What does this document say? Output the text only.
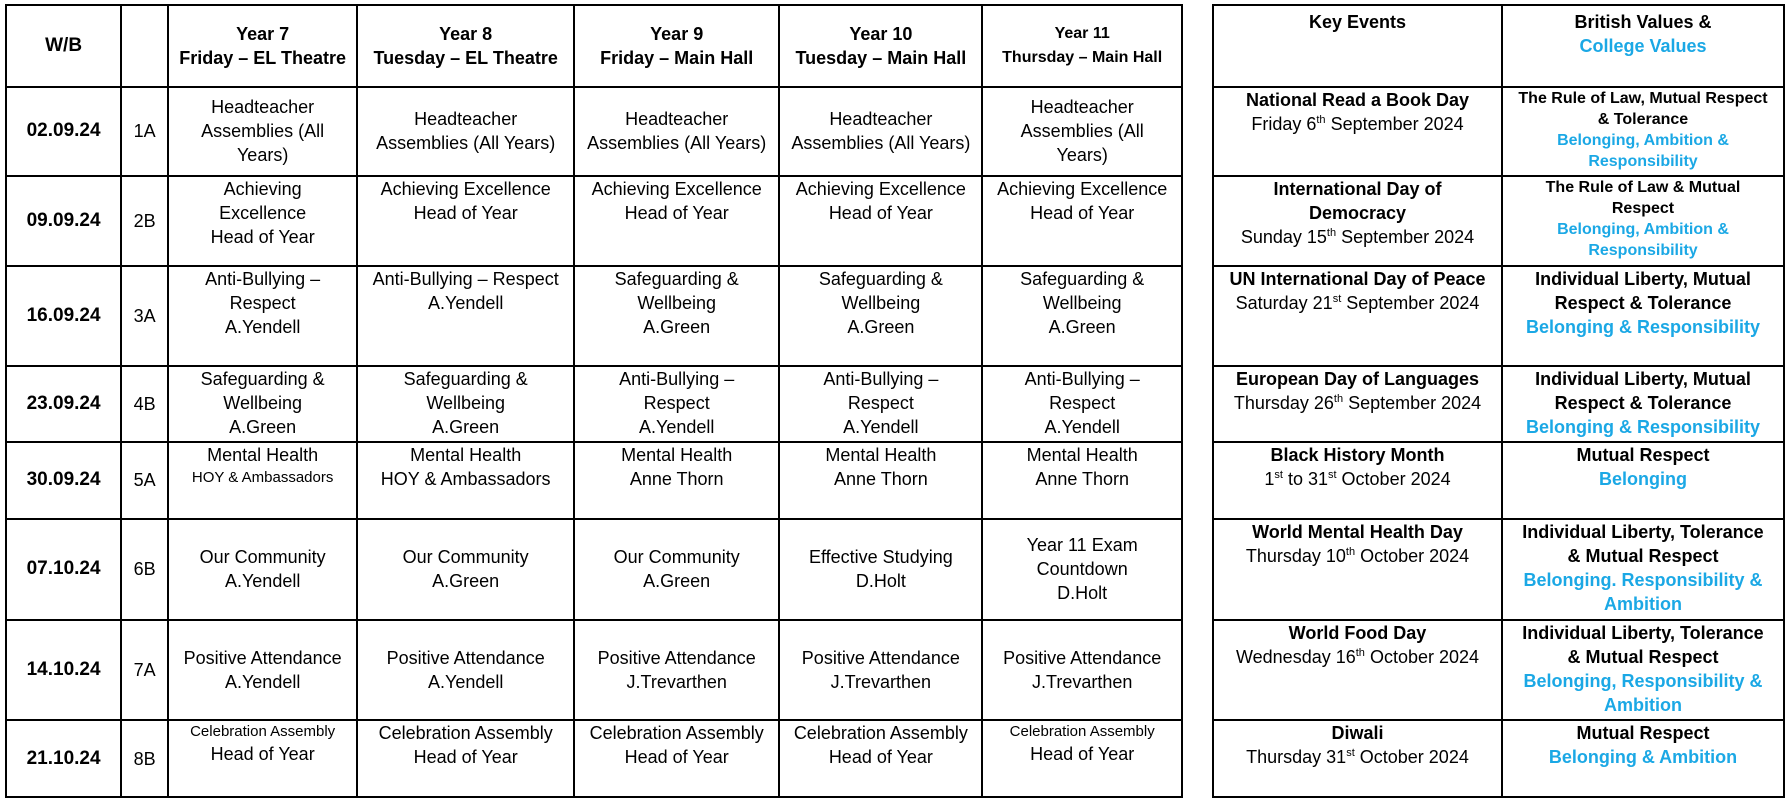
W/B		Year 7
Friday – EL Theatre	Year 8
Tuesday – EL Theatre	Year 9
Friday – Main Hall	Year 10
Tuesday – Main Hall	Year 11
Thursday – Main Hall

02.09.24	1A	Headteacher
Assemblies (All
Years)	Headteacher
Assemblies (All Years)	Headteacher
Assemblies (All Years)	Headteacher
Assemblies (All Years)	Headteacher
Assemblies (All
Years)

09.09.24	2B	Achieving
Excellence
Head of Year	Achieving Excellence
Head of Year	Achieving Excellence
Head of Year	Achieving Excellence
Head of Year	Achieving Excellence
Head of Year

16.09.24	3A	Anti-Bullying –
Respect
A.Yendell	Anti-Bullying – Respect
A.Yendell	Safeguarding &
Wellbeing
A.Green	Safeguarding &
Wellbeing
A.Green	Safeguarding &
Wellbeing
A.Green

23.09.24	4B	Safeguarding &
Wellbeing
A.Green	Safeguarding &
Wellbeing
A.Green	Anti-Bullying –
Respect
A.Yendell	Anti-Bullying –
Respect
A.Yendell	Anti-Bullying –
Respect
A.Yendell

30.09.24	5A	Mental Health
HOY & Ambassadors	Mental Health
HOY & Ambassadors	Mental Health
Anne Thorn	Mental Health
Anne Thorn	Mental Health
Anne Thorn

07.10.24	6B	Our Community
A.Yendell	Our Community
A.Green	Our Community
A.Green	Effective Studying
D.Holt	Year 11 Exam
Countdown
D.Holt

14.10.24	7A	Positive Attendance
A.Yendell	Positive Attendance
A.Yendell	Positive Attendance
J.Trevarthen	Positive Attendance
J.Trevarthen	Positive Attendance
J.Trevarthen

21.10.24	8B	Celebration Assembly
Head of Year	Celebration Assembly
Head of Year	Celebration Assembly
Head of Year	Celebration Assembly
Head of Year	Celebration Assembly
Head of Year
Key Events	British Values &
College Values

National Read a Book Day
Friday 6th September 2024	The Rule of Law, Mutual Respect
& Tolerance
Belonging, Ambition &
Responsibility

International Day of
Democracy
Sunday 15th September 2024	The Rule of Law & Mutual
Respect
Belonging, Ambition &
Responsibility

UN International Day of Peace
Saturday 21st September 2024	Individual Liberty, Mutual
Respect & Tolerance
Belonging & Responsibility

European Day of Languages
Thursday 26th September 2024	Individual Liberty, Mutual
Respect & Tolerance
Belonging & Responsibility

Black History Month
1st to 31st October 2024	Mutual Respect
Belonging

World Mental Health Day
Thursday 10th October 2024	Individual Liberty, Tolerance
& Mutual Respect
Belonging. Responsibility &
Ambition

World Food Day
Wednesday 16th October 2024	Individual Liberty, Tolerance
& Mutual Respect
Belonging, Responsibility &
Ambition

Diwali
Thursday 31st October 2024	Mutual Respect
Belonging & Ambition
